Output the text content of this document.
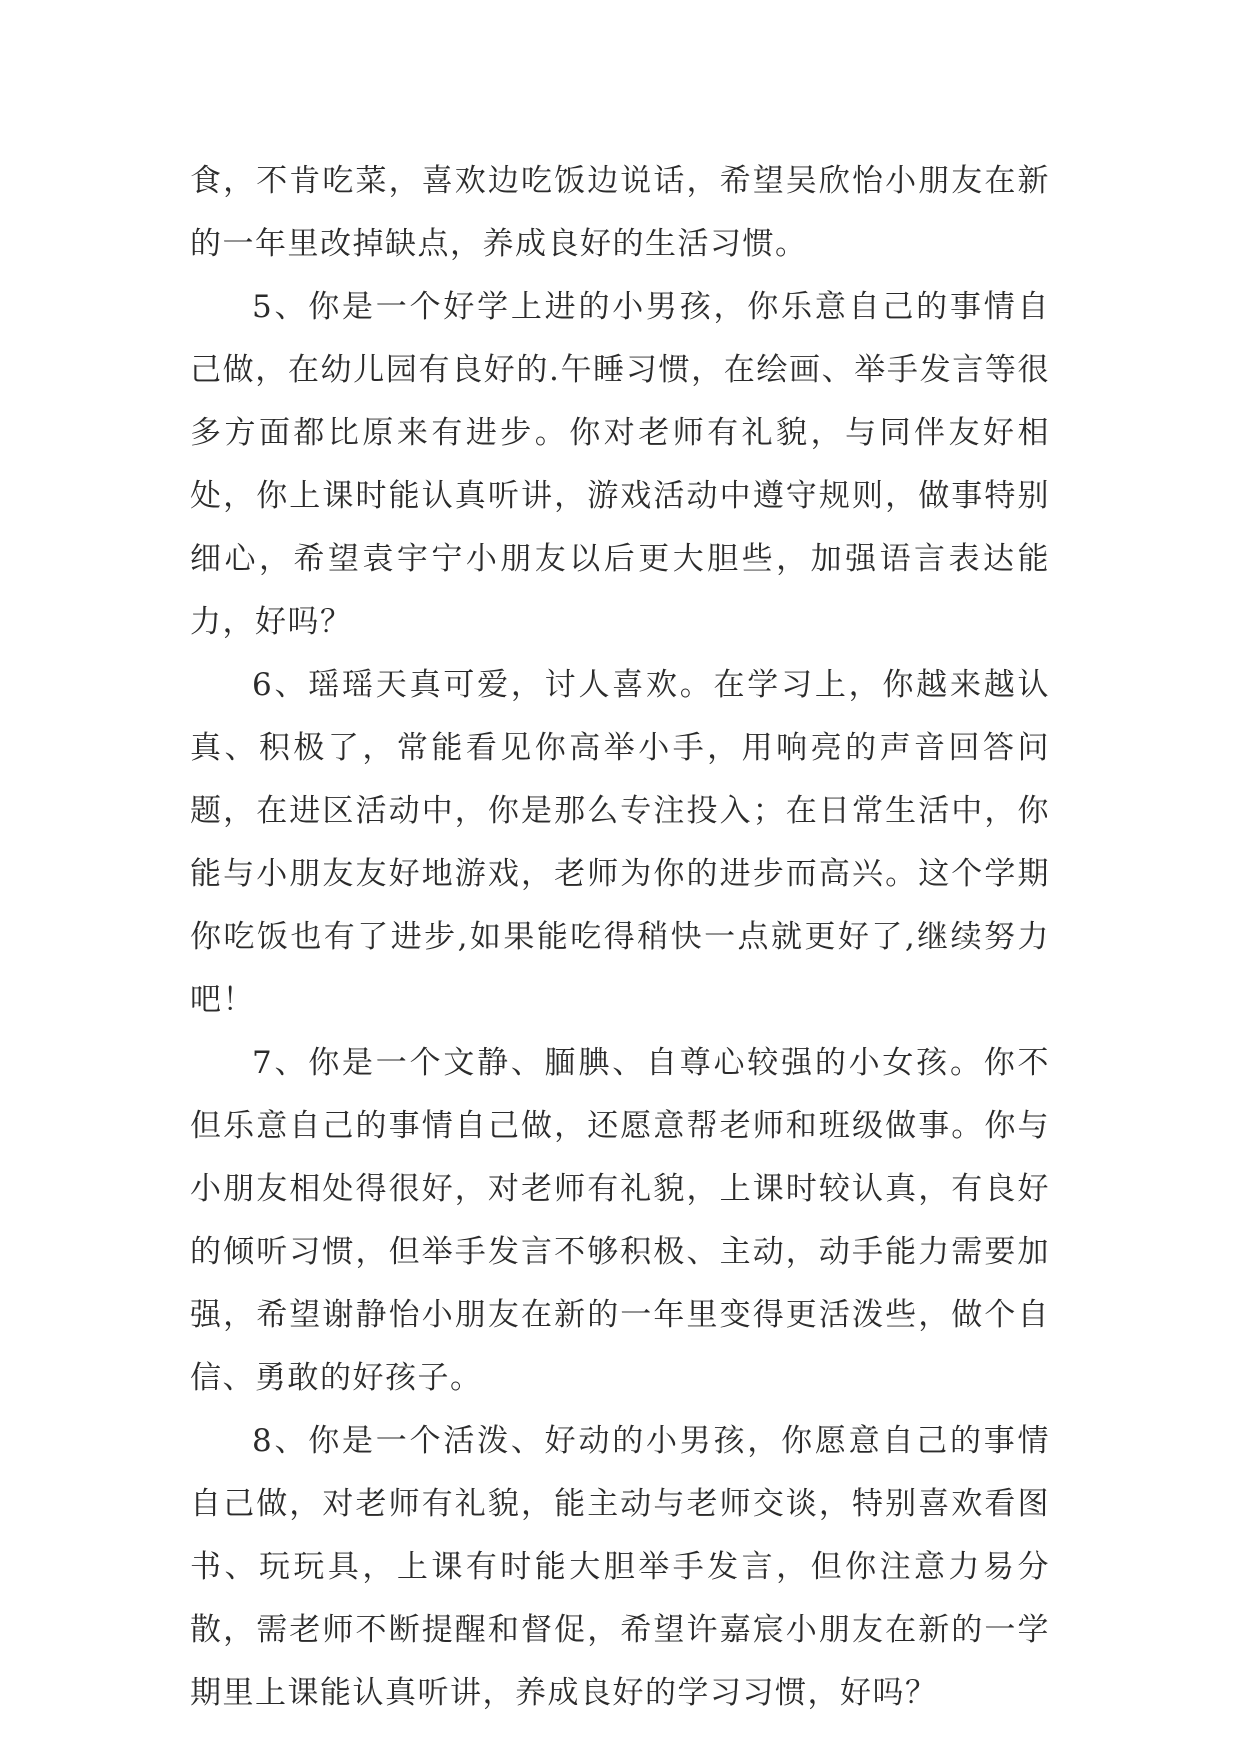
食，不肯吃菜，喜欢边吃饭边说话，希望吴欣怡小朋友在新的一年里改掉缺点，养成良好的生活习惯。

5、你是一个好学上进的小男孩，你乐意自己的事情自己做，在幼儿园有良好的.午睡习惯，在绘画、举手发言等很多方面都比原来有进步。你对老师有礼貌，与同伴友好相处，你上课时能认真听讲，游戏活动中遵守规则，做事特别细心，希望袁宇宁小朋友以后更大胆些，加强语言表达能力，好吗？

6、瑶瑶天真可爱，讨人喜欢。在学习上，你越来越认真、积极了，常能看见你高举小手，用响亮的声音回答问题，在进区活动中，你是那么专注投入；在日常生活中，你能与小朋友友好地游戏，老师为你的进步而高兴。这个学期你吃饭也有了进步,如果能吃得稍快一点就更好了,继续努力吧！

7、你是一个文静、腼腆、自尊心较强的小女孩。你不但乐意自己的事情自己做，还愿意帮老师和班级做事。你与小朋友相处得很好，对老师有礼貌，上课时较认真，有良好的倾听习惯，但举手发言不够积极、主动，动手能力需要加强，希望谢静怡小朋友在新的一年里变得更活泼些，做个自信、勇敢的好孩子。

8、你是一个活泼、好动的小男孩，你愿意自己的事情自己做，对老师有礼貌，能主动与老师交谈，特别喜欢看图书、玩玩具，上课有时能大胆举手发言，但你注意力易分散，需老师不断提醒和督促，希望许嘉宸小朋友在新的一学期里上课能认真听讲，养成良好的学习习惯，好吗？
